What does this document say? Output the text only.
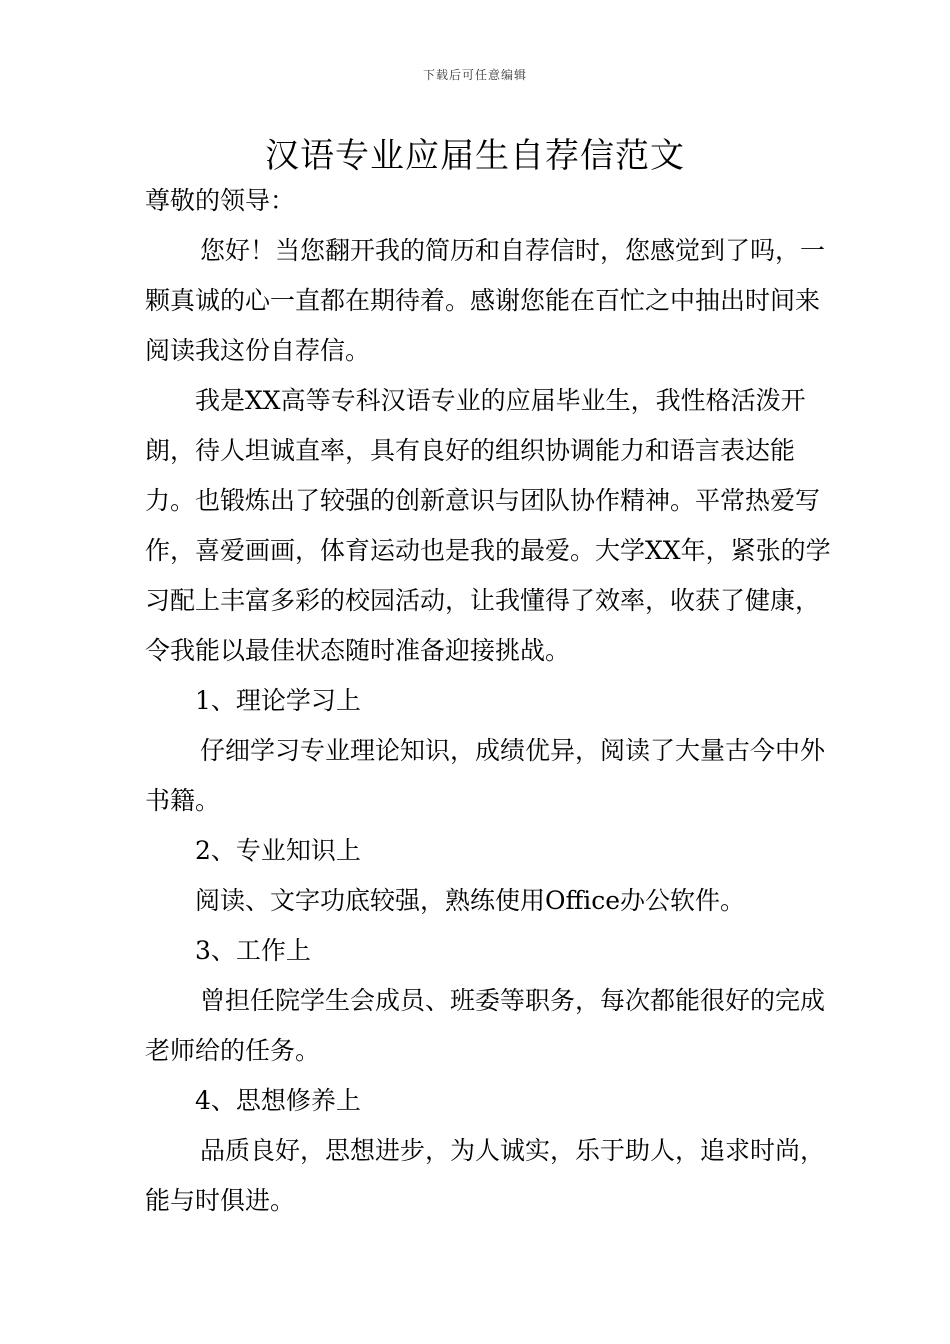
下载后可任意编辑
汉语专业应届生自荐信范文

尊敬的领导：

您好！当您翻开我的简历和自荐信时，您感觉到了吗，一颗真诚的心一直都在期待着。感谢您能在百忙之中抽出时间来阅读我这份自荐信。

我是XX高等专科汉语专业的应届毕业生，我性格活泼开朗，待人坦诚直率，具有良好的组织协调能力和语言表达能力。也锻炼出了较强的创新意识与团队协作精神。平常热爱写作，喜爱画画，体育运动也是我的最爱。大学XX年，紧张的学习配上丰富多彩的校园活动，让我懂得了效率，收获了健康，令我能以最佳状态随时准备迎接挑战。

1、理论学习上

仔细学习专业理论知识，成绩优异，阅读了大量古今中外书籍。

2、专业知识上

阅读、文字功底较强，熟练使用Office办公软件。

3、工作上

曾担任院学生会成员、班委等职务，每次都能很好的完成老师给的任务。

4、思想修养上

品质良好，思想进步，为人诚实，乐于助人，追求时尚，能与时俱进。
